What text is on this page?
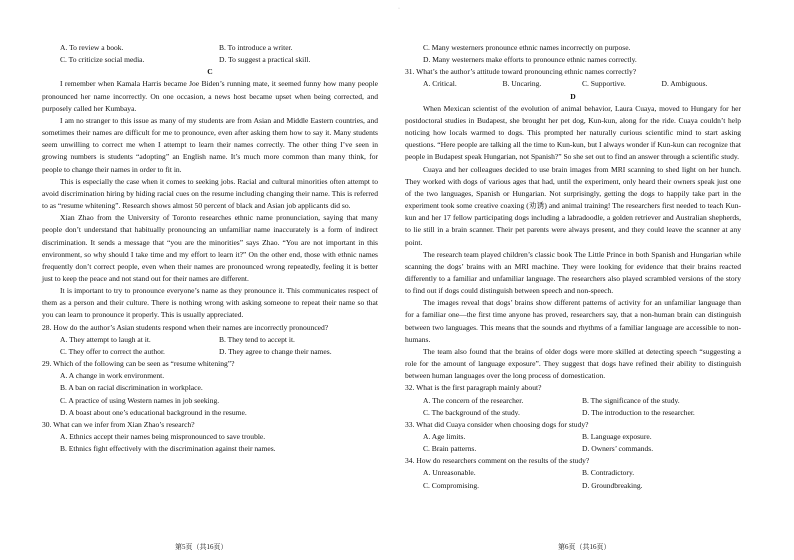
·
A. To review a book.	B. To introduce a writer.
C. To criticize social media.	D. To suggest a practical skill.

C

I remember when Kamala Harris became Joe Biden’s running mate, it seemed funny how many people pronounced her name incorrectly. On one occasion, a news host became upset when being corrected, and purposely called her Kumbaya.

I am no stranger to this issue as many of my students are from Asian and Middle Eastern countries, and sometimes their names are difficult for me to pronounce, even after asking them how to say it. Many students seem unwilling to correct me when I attempt to learn their names correctly. The other thing I’ve seen in growing numbers is students “adopting” an English name. It’s much more common than many think, for people to change their names in order to fit in.

This is especially the case when it comes to seeking jobs. Racial and cultural minorities often attempt to avoid discrimination hiring by hiding racial cues on the resume including changing their name. This is referred to as “resume whitening”. Research shows almost 50 percent of black and Asian job applicants did so.

Xian Zhao from the University of Toronto researches ethnic name pronunciation, saying that many people don’t understand that habitually pronouncing an unfamiliar name inaccurately is a form of indirect discrimination. It sends a message that “you are the minorities” says Zhao. “You are not important in this environment, so why should I take time and my effort to learn it?” On the other end, those with ethnic names frequently don’t correct people, even when their names are pronounced wrong repeatedly, feeling it is better just to keep the peace and not stand out for their names are different.

It is important to try to pronounce everyone’s name as they pronounce it. This communicates respect of them as a person and their culture. There is nothing wrong with asking someone to repeat their name so that you can learn to pronounce it properly. This is usually appreciated.

28. How do the author’s Asian students respond when their names are incorrectly pronounced?

A. They attempt to laugh at it.	B. They tend to accept it.
C. They offer to correct the author.	D. They agree to change their names.

29. Which of the following can be seen as “resume whitening”?

A. A change in work environment.

B. A ban on racial discrimination in workplace.

C. A practice of using Western names in job seeking.

D. A boast about one’s educational background in the resume.

30. What can we infer from Xian Zhao’s research?

A. Ethnics accept their names being mispronounced to save trouble.

B. Ethnics fight effectively with the discrimination against their names.

C. Many westerners pronounce ethnic names incorrectly on purpose.

D. Many westerners make efforts to pronounce ethnic names correctly.

31. What’s the author’s attitude toward pronouncing ethnic names correctly?

A. Critical.	B. Uncaring.	C. Supportive.	D. Ambiguous.

D

When Mexican scientist of the evolution of animal behavior, Laura Cuaya, moved to Hungary for her postdoctoral studies in Budapest, she brought her pet dog, Kun-kun, along for the ride. Cuaya couldn’t help noticing how locals warmed to dogs. This prompted her naturally curious scientific mind to start asking questions. “Here people are talking all the time to Kun-kun, but I always wonder if Kun-kun can recognize that people in Budapest speak Hungarian, not Spanish?” So she set out to find an answer through a scientific study.

Cuaya and her colleagues decided to use brain images from MRI scanning to shed light on her hunch. They worked with dogs of various ages that had, until the experiment, only heard their owners speak just one of the two languages, Spanish or Hungarian. Not surprisingly, getting the dogs to happily take part in the experiment took some creative coaxing (劝诱) and animal training! The researchers first needed to teach Kun-kun and her 17 fellow participating dogs including a labradoodle, a golden retriever and Australian shepherds, to lie still in a brain scanner. Their pet parents were always present, and they could leave the scanner at any point.

The research team played children’s classic book The Little Prince in both Spanish and Hungarian while scanning the dogs’ brains with an MRI machine. They were looking for evidence that their brains reacted differently to a familiar and unfamiliar language. The researchers also played scrambled versions of the story to find out if dogs could distinguish between speech and non-speech.

The images reveal that dogs’ brains show different patterns of activity for an unfamiliar language than for a familiar one—the first time anyone has proved, researchers say, that a non-human brain can distinguish between two languages. This means that the sounds and rhythms of a familiar language are accessible to non-humans.

The team also found that the brains of older dogs were more skilled at detecting speech “suggesting a role for the amount of language exposure”. They suggest that dogs have refined their ability to distinguish between human languages over the long process of domestication.

32. What is the first paragraph mainly about?

A. The concern of the researcher.	B. The significance of the study.
C. The background of the study.	D. The introduction to the researcher.

33. What did Cuaya consider when choosing dogs for study?

A. Age limits.	B. Language exposure.
C. Brain patterns.	D. Owners’ commands.

34. How do researchers comment on the results of the study?

A. Unreasonable.	B. Contradictory.
C. Compromising.	D. Groundbreaking.
第5页（共16页）	第6页（共16页）
